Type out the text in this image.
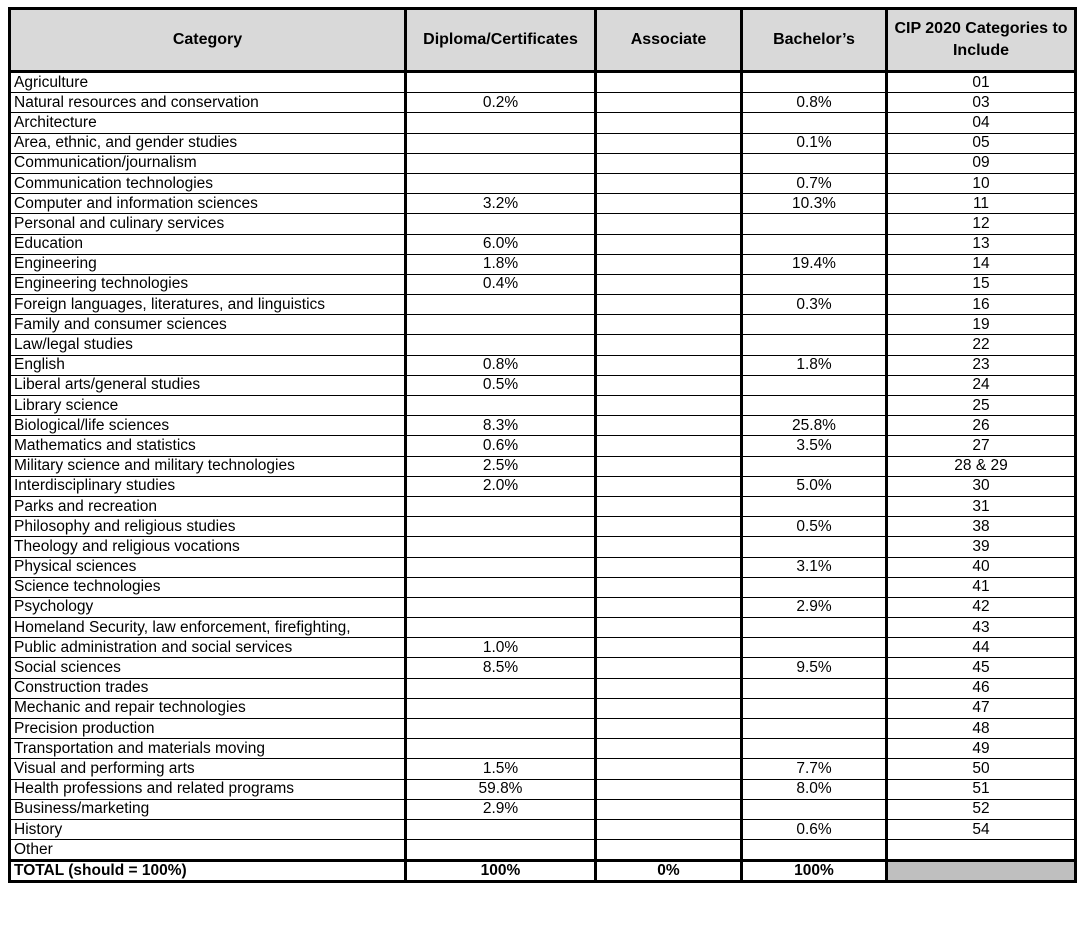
Category	Diploma/Certificates	Associate	Bachelor’s	CIP 2020 Categories to Include
Agriculture				01
Natural resources and conservation	0.2%		0.8%	03
Architecture				04
Area, ethnic, and gender studies			0.1%	05
Communication/journalism				09
Communication technologies			0.7%	10
Computer and information sciences	3.2%		10.3%	11
Personal and culinary services				12
Education	6.0%			13
Engineering	1.8%		19.4%	14
Engineering technologies	0.4%			15
Foreign languages, literatures, and linguistics			0.3%	16
Family and consumer sciences				19
Law/legal studies				22
English	0.8%		1.8%	23
Liberal arts/general studies	0.5%			24
Library science				25
Biological/life sciences	8.3%		25.8%	26
Mathematics and statistics	0.6%		3.5%	27
Military science and military technologies	2.5%			28 & 29
Interdisciplinary studies	2.0%		5.0%	30
Parks and recreation				31
Philosophy and religious studies			0.5%	38
Theology and religious vocations				39
Physical sciences			3.1%	40
Science technologies				41
Psychology			2.9%	42
Homeland Security, law enforcement, firefighting,				43
Public administration and social services	1.0%			44
Social sciences	8.5%		9.5%	45
Construction trades				46
Mechanic and repair technologies				47
Precision production				48
Transportation and materials moving				49
Visual and performing arts	1.5%		7.7%	50
Health professions and related programs	59.8%		8.0%	51
Business/marketing	2.9%			52
History			0.6%	54
Other				
TOTAL (should = 100%)	100%	0%	100%	
